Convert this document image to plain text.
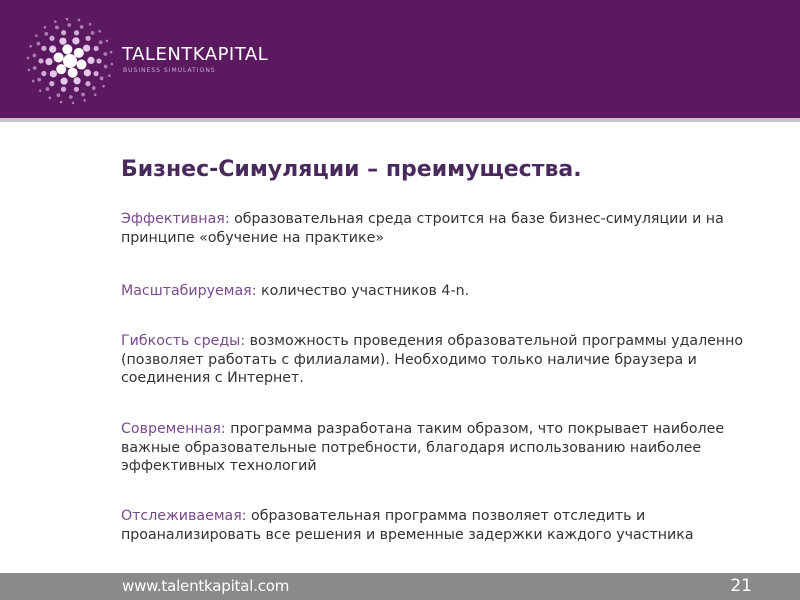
TALENTKAPITAL
BUSINESS SIMULATIONS
Бизнес-Симуляции – преимущества.

Эффективная: образовательная среда строится на базе бизнес-симуляции и на принципе «обучение на практике»

Масштабируемая: количество участников 4-n.

Гибкость среды: возможность проведения образовательной программы удаленно (позволяет работать с филиалами). Необходимо только наличие браузера и соединения с Интернет.

Современная: программа разработана таким образом, что покрывает наиболее важные образовательные потребности, благодаря использованию наиболее эффективных технологий

Отслеживаемая: образовательная программа позволяет отследить и проанализировать все решения и временные задержки каждого участника

www.talentkapital.com	21
